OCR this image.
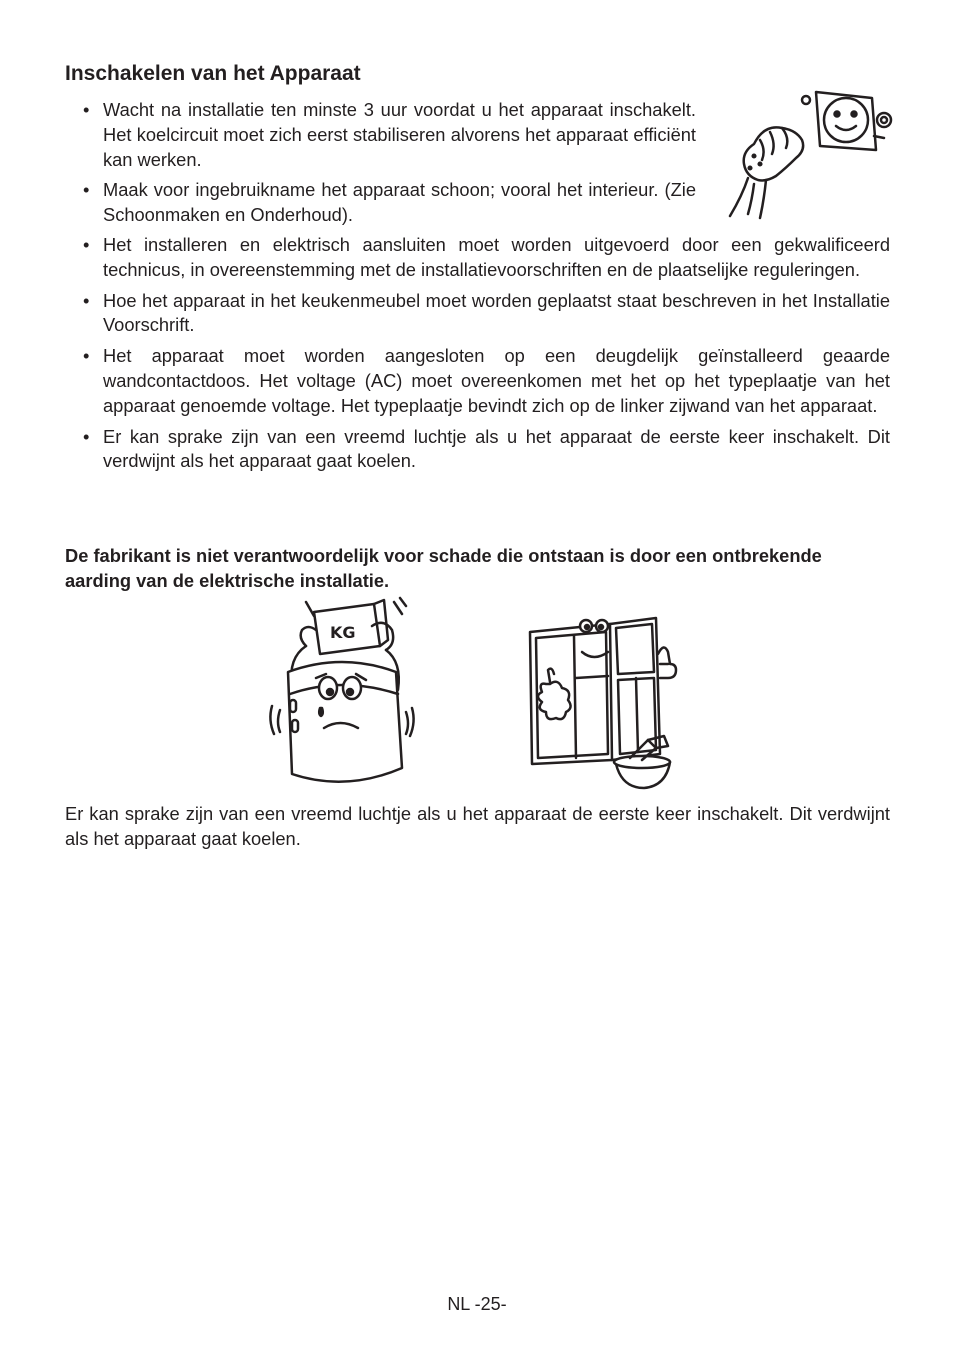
Inschakelen van het Apparaat
• Wacht na installatie ten minste 3 uur voordat u het apparaat inschakelt. Het koelcircuit moet zich eerst stabiliseren alvorens het apparaat efficiënt kan werken.
• Maak voor ingebruikname het apparaat schoon; vooral het interieur. (Zie Schoonmaken en Onderhoud).
• Het installeren en elektrisch aansluiten moet worden uitgevoerd door een gekwalificeerd technicus, in overeenstemming met de installatievoorschriften en de plaatselijke reguleringen.
• Hoe het apparaat in het keukenmeubel moet worden geplaatst staat beschreven in het Installatie Voorschrift.
• Het apparaat moet worden aangesloten op een deugdelijk geïnstalleerd geaarde wandcontactdoos. Het voltage (AC) moet overeenkomen met het op het typeplaatje van het apparaat genoemde voltage. Het typeplaatje bevindt zich op de linker zijwand van het apparaat.
• Er kan sprake zijn van een vreemd luchtje als u het apparaat de eerste keer inschakelt. Dit verdwijnt als het apparaat gaat koelen.

De fabrikant is niet verantwoordelijk voor schade die ontstaan is door een ontbrekende aarding van de elektrische installatie.

KG

Er kan sprake zijn van een vreemd luchtje als u het apparaat de eerste keer inschakelt. Dit verdwijnt als het apparaat gaat koelen.

NL -25-
